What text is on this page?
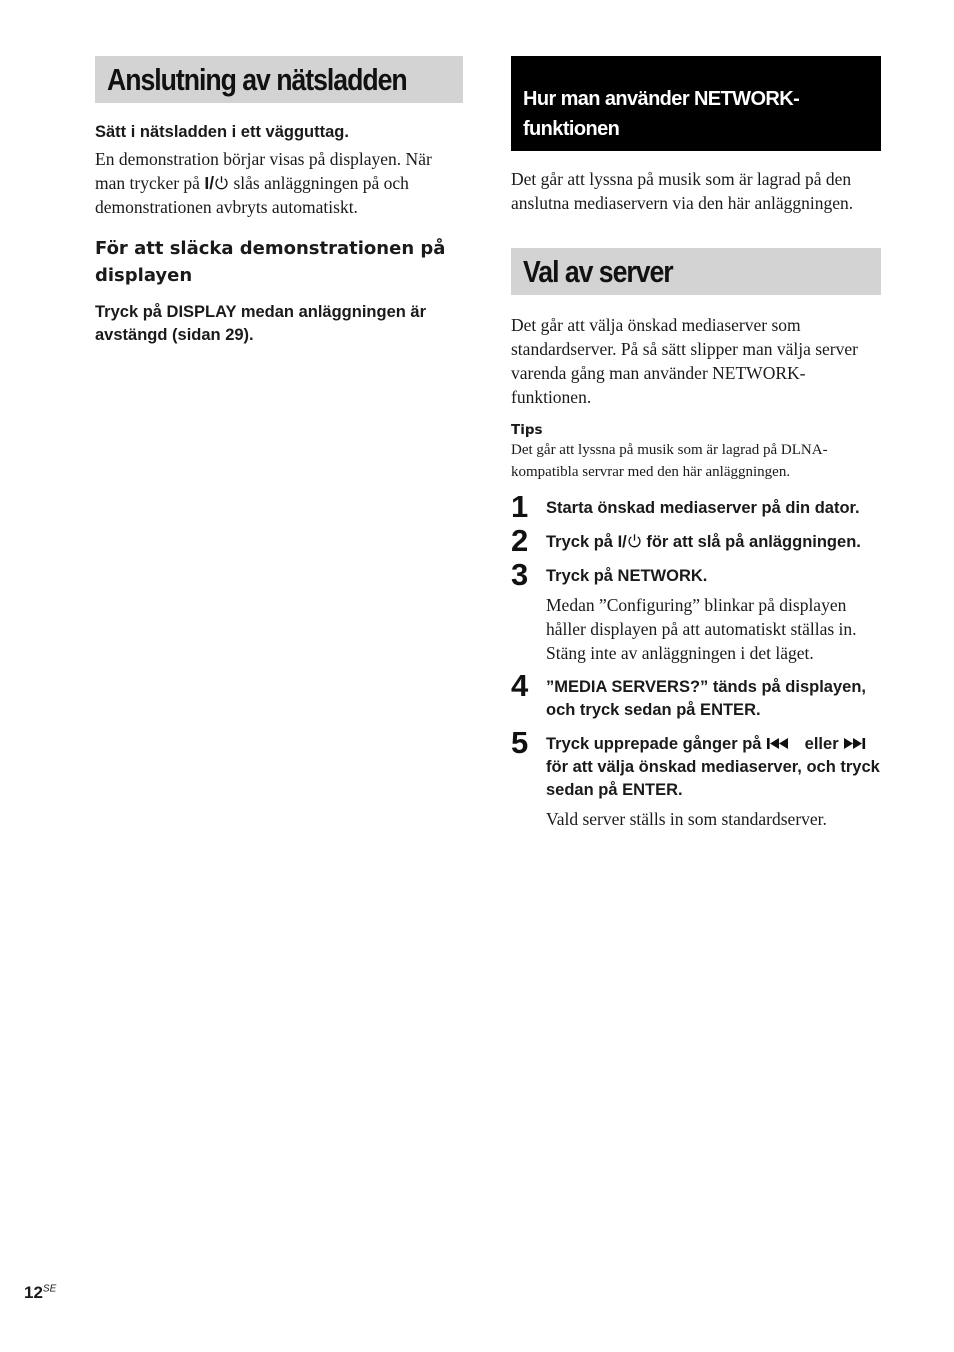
Anslutning av nätsladden

Sätt i nätsladden i ett vägguttag.

En demonstration börjar visas på displayen. När man trycker på I/ slås anläggningen på och demonstrationen avbryts automatiskt.

För att släcka demonstrationen på displayen

Tryck på DISPLAY medan anläggningen är avstängd (sidan 29).

Hur man använder NETWORK-funktionen

Det går att lyssna på musik som är lagrad på den anslutna mediaservern via den här anläggningen.

Val av server

Det går att välja önskad mediaserver som standardserver. På så sätt slipper man välja server varenda gång man använder NETWORK-funktionen.

Tips

Det går att lyssna på musik som är lagrad på DLNA-kompatibla servrar med den här anläggningen.

1 Starta önskad mediaserver på din dator.

2 Tryck på I/ för att slå på anläggningen.

3 Tryck på NETWORK.

Medan ”Configuring” blinkar på displayen håller displayen på att automatiskt ställas in. Stäng inte av anläggningen i det läget.

4 ”MEDIA SERVERS?” tänds på displayen, och tryck sedan på ENTER.

5 Tryck upprepade gånger på	eller  för att välja önskad mediaserver, och tryck sedan på ENTER.

Vald server ställs in som standardserver.

$12^{SE}$
